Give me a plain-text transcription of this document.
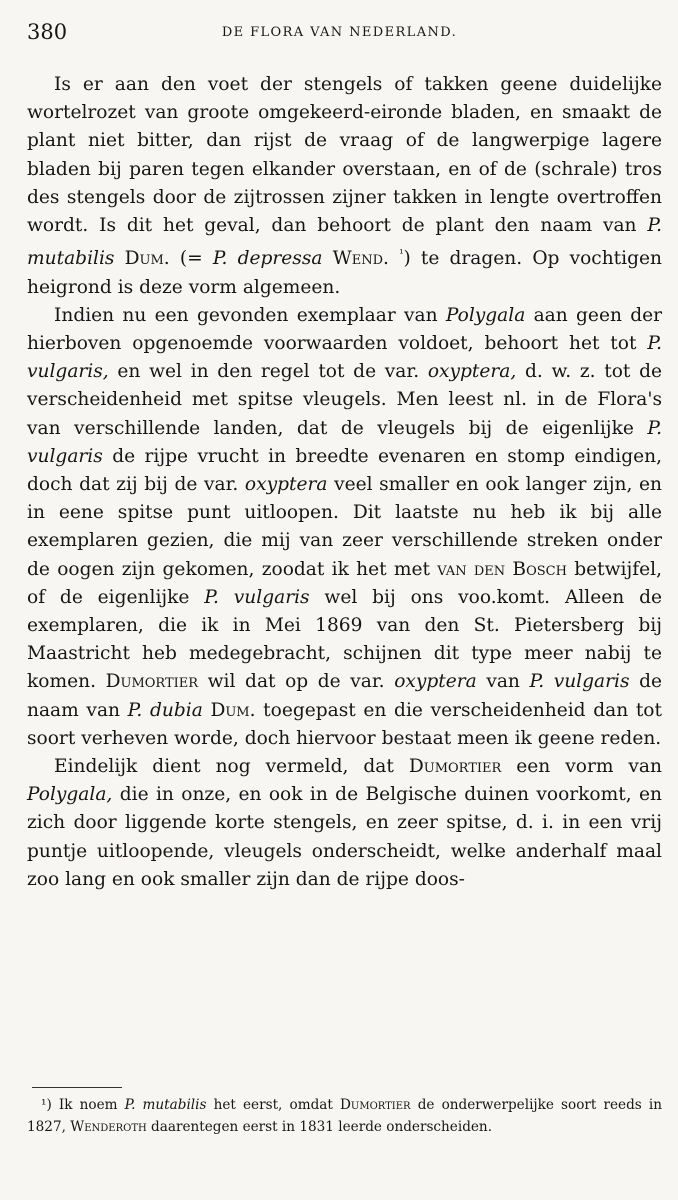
380	DE FLORA VAN NEDERLAND.

Is er aan den voet der stengels of takken geene duidelijke wortelrozet van groote omgekeerd-eironde bladen, en smaakt de plant niet bitter, dan rijst de vraag of de langwerpige lagere bladen bij paren tegen elkander overstaan, en of de (schrale) tros des stengels door de zijtrossen zijner takken in lengte overtroffen wordt. Is dit het geval, dan behoort de plant den naam van P. mutabilis Dum. (= P. depressa Wend. $^{^1}$) te dragen. Op vochtigen heigrond is deze vorm algemeen.

Indien nu een gevonden exemplaar van Polygala aan geen der hierboven opgenoemde voorwaarden voldoet, behoort het tot P. vulgaris, en wel in den regel tot de var. oxyptera, d. w. z. tot de verscheidenheid met spitse vleugels. Men leest nl. in de Flora's van verschillende landen, dat de vleugels bij de eigenlijke P. vulgaris de rijpe vrucht in breedte evenaren en stomp eindigen, doch dat zij bij de var. oxyptera veel smaller en ook langer zijn, en in eene spitse punt uitloopen. Dit laatste nu heb ik bij alle exemplaren gezien, die mij van zeer verschillende streken onder de oogen zijn gekomen, zoodat ik het met van den Bosch betwijfel, of de eigenlijke P. vulgaris wel bij ons voo.komt. Alleen de exemplaren, die ik in Mei 1869 van den St. Pietersberg bij Maastricht heb medegebracht, schijnen dit type meer nabij te komen. Dumortier wil dat op de var. oxyptera van P. vulgaris de naam van P. dubia Dum. toegepast en die verscheidenheid dan tot soort verheven worde, doch hiervoor bestaat meen ik geene reden.

Eindelijk dient nog vermeld, dat Dumortier een vorm van Polygala, die in onze, en ook in de Belgische duinen voorkomt, en zich door liggende korte stengels, en zeer spitse, d. i. in een vrij puntje uitloopende, vleugels onderscheidt, welke anderhalf maal zoo lang en ook smaller zijn dan de rijpe doos-

¹) Ik noem P. mutabilis het eerst, omdat Dumortier de onderwerpelijke soort reeds in 1827, Wenderoth daarentegen eerst in 1831 leerde onderscheiden.
